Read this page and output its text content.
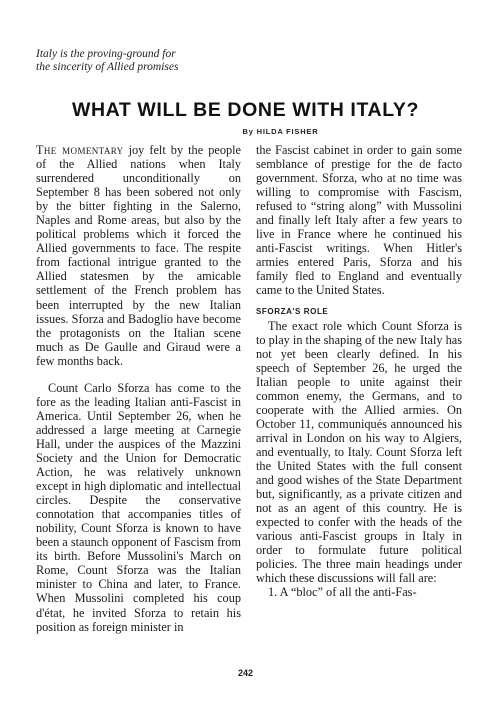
Italy is the proving-ground for
the sincerity of Allied promises
WHAT WILL BE DONE WITH ITALY?
By HILDA FISHER

The momentary joy felt by the people of the Allied nations when Italy surrendered unconditionally on September 8 has been sobered not only by the bitter fighting in the Salerno, Naples and Rome areas, but also by the political problems which it forced the Allied governments to face. The respite from factional intrigue granted to the Allied statesmen by the amicable settlement of the French problem has been interrupted by the new Italian issues. Sforza and Badoglio have become the protagonists on the Italian scene much as De Gaulle and Giraud were a few months back.

Count Carlo Sforza has come to the fore as the leading Italian anti-Fascist in America. Until September 26, when he addressed a large meeting at Carnegie Hall, under the auspices of the Mazzini Society and the Union for Democratic Action, he was relatively unknown except in high diplomatic and intellectual circles. Despite the conservative connotation that accompanies titles of nobility, Count Sforza is known to have been a staunch opponent of Fascism from its birth. Before Mussolini's March on Rome, Count Sforza was the Italian minister to China and later, to France. When Mussolini completed his coup d'état, he invited Sforza to retain his position as foreign minister in

the Fascist cabinet in order to gain some semblance of prestige for the de facto government. Sforza, who at no time was willing to compromise with Fascism, refused to “string along” with Mussolini and finally left Italy after a few years to live in France where he continued his anti-Fascist writings. When Hitler's armies entered Paris, Sforza and his family fled to England and eventually came to the United States.

SFORZA'S ROLE

The exact role which Count Sforza is to play in the shaping of the new Italy has not yet been clearly defined. In his speech of September 26, he urged the Italian people to unite against their common enemy, the Germans, and to cooperate with the Allied armies. On October 11, communiqués announced his arrival in London on his way to Algiers, and eventually, to Italy. Count Sforza left the United States with the full consent and good wishes of the State Department but, significantly, as a private citizen and not as an agent of this country. He is expected to confer with the heads of the various anti-Fascist groups in Italy in order to formulate future political policies. The three main headings under which these discussions will fall are:

1. A “bloc” of all the anti-Fas-

242
